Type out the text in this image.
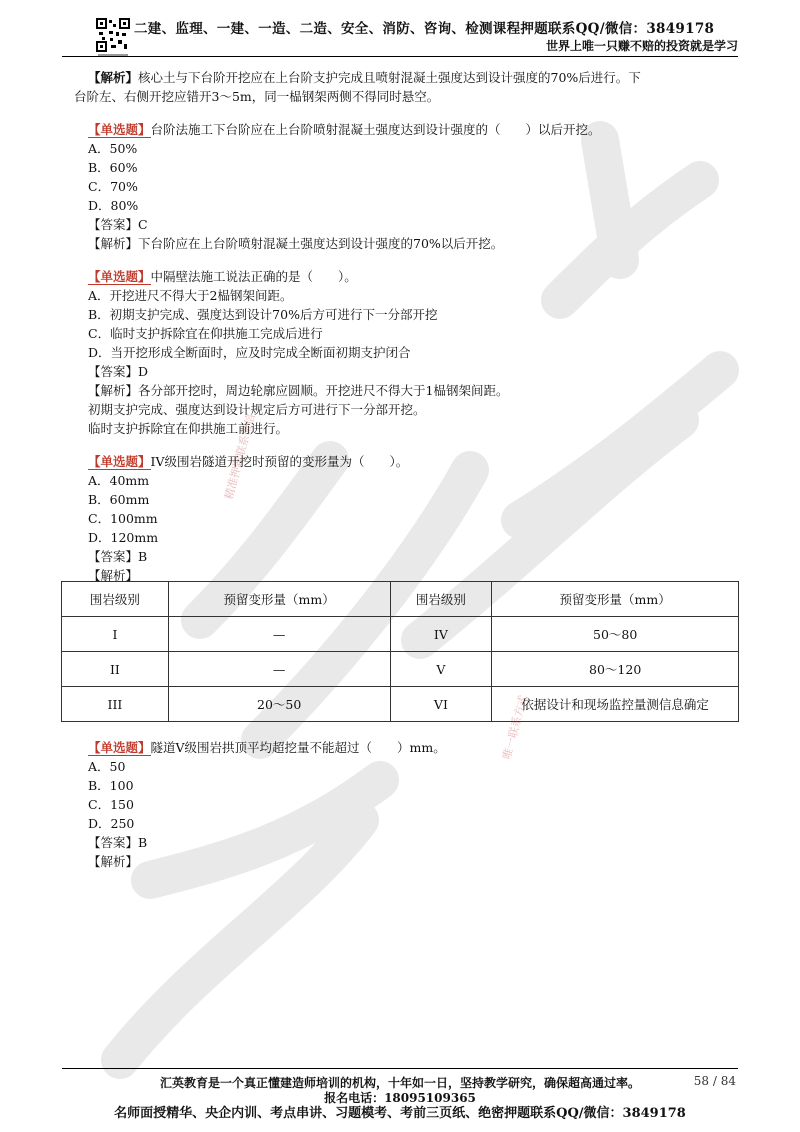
精准押题联系微信
唯一联系方式
二建、监理、一建、一造、二造、安全、消防、咨询、检测课程押题联系QQ/微信：3849178
世界上唯一只赚不赔的投资就是学习

【解析】核心土与下台阶开挖应在上台阶支护完成且喷射混凝土强度达到设计强度的70%后进行。下

台阶左、右侧开挖应错开3～5m，同一榀钢架两侧不得同时悬空。

【单选题】台阶法施工下台阶应在上台阶喷射混凝土强度达到设计强度的（　　）以后开挖。

A．50%

B．60%

C．70%

D．80%

【答案】C

【解析】下台阶应在上台阶喷射混凝土强度达到设计强度的70%以后开挖。

【单选题】中隔壁法施工说法正确的是（　　）。

A．开挖进尺不得大于2榀钢架间距。

B．初期支护完成、强度达到设计70%后方可进行下一分部开挖

C．临时支护拆除宜在仰拱施工完成后进行

D．当开挖形成全断面时，应及时完成全断面初期支护闭合

【答案】D

【解析】各分部开挖时，周边轮廓应圆顺。开挖进尺不得大于1榀钢架间距。

初期支护完成、强度达到设计规定后方可进行下一分部开挖。

临时支护拆除宜在仰拱施工前进行。

【单选题】IV级围岩隧道开挖时预留的变形量为（　　）。

A．40mm

B．60mm

C．100mm

D．120mm

【答案】B

【解析】

围岩级别	预留变形量（mm）	围岩级别	预留变形量（mm）
I	—	IV	50～80
II	—	V	80～120
III	20～50	VI	依据设计和现场监控量测信息确定

【单选题】隧道V级围岩拱顶平均超挖量不能超过（　　）mm。

A．50

B．100

C．150

D．250

【答案】B

【解析】

汇英教育是一个真正懂建造师培训的机构，十年如一日，坚持教学研究，确保超高通过率。	58 / 84
报名电话：18095109365
名师面授精华、央企内训、考点串讲、习题模考、考前三页纸、绝密押题联系QQ/微信：3849178
